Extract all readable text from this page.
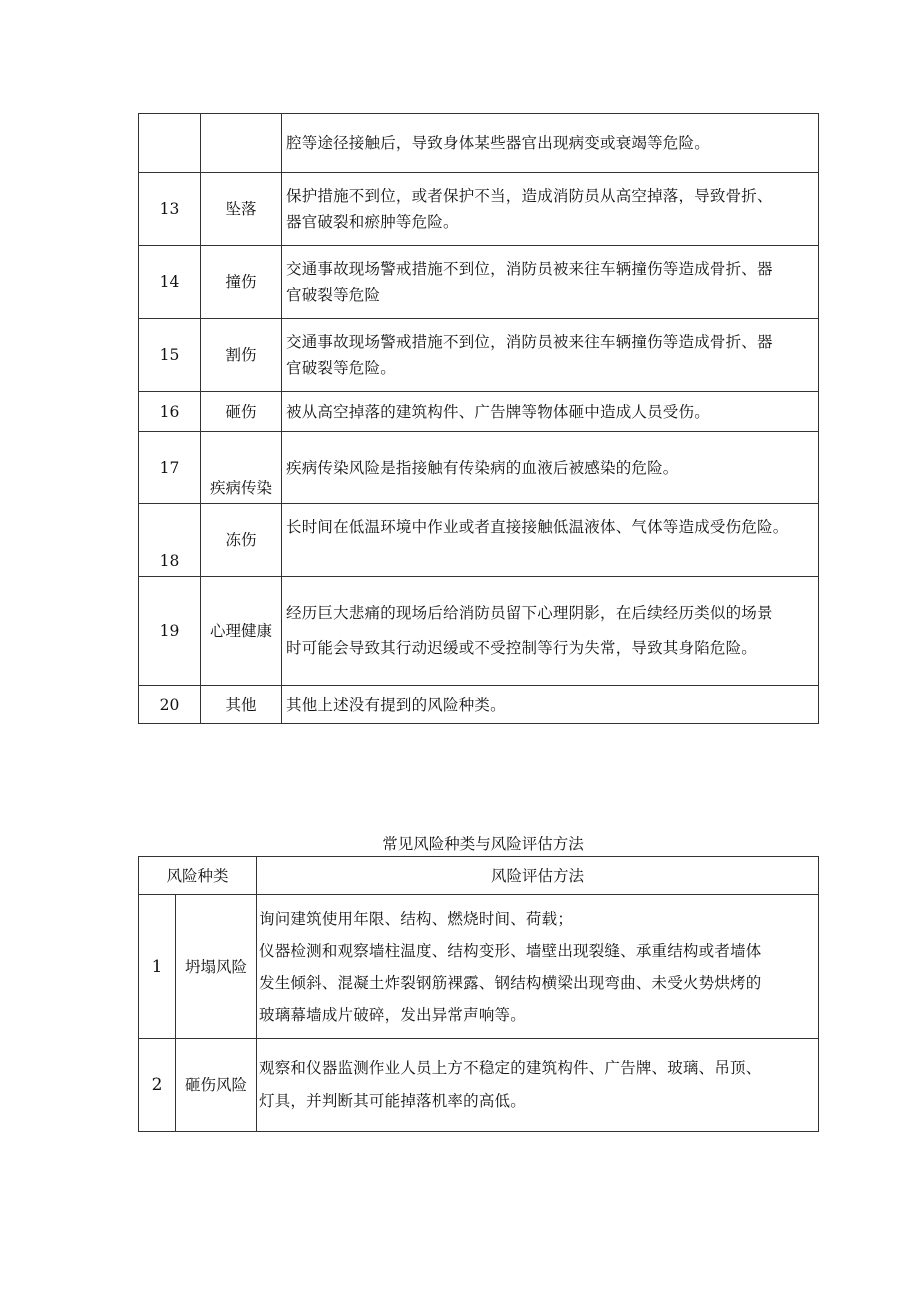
		腔等途径接触后，导致身体某些器官出现病变或衰竭等危险。

13	坠落	保护措施不到位，或者保护不当，造成消防员从高空掉落，导致骨折、
器官破裂和瘀肿等危险。

14	撞伤	交通事故现场警戒措施不到位，消防员被来往车辆撞伤等造成骨折、器
官破裂等危险

15	割伤	交通事故现场警戒措施不到位，消防员被来往车辆撞伤等造成骨折、器
官破裂等危险。

16	砸伤	被从高空掉落的建筑构件、广告牌等物体砸中造成人员受伤。

17	疾病传染	疾病传染风险是指接触有传染病的血液后被感染的危险。

18	冻伤	长时间在低温环境中作业或者直接接触低温液体、气体等造成受伤危险。

19	心理健康	经历巨大悲痛的现场后给消防员留下心理阴影，在后续经历类似的场景
时可能会导致其行动迟缓或不受控制等行为失常，导致其身陷危险。

20	其他	其他上述没有提到的风险种类。
常见风险种类与风险评估方法
风险种类		风险评估方法
1	坍塌风险	询问建筑使用年限、结构、燃烧时间、荷载；
仪器检测和观察墙柱温度、结构变形、墙壁出现裂缝、承重结构或者墙体
发生倾斜、混凝土炸裂钢筋裸露、钢结构横梁出现弯曲、未受火势烘烤的
玻璃幕墙成片破碎，发出异常声响等。

2	砸伤风险	观察和仪器监测作业人员上方不稳定的建筑构件、广告牌、玻璃、吊顶、
灯具，并判断其可能掉落机率的高低。
